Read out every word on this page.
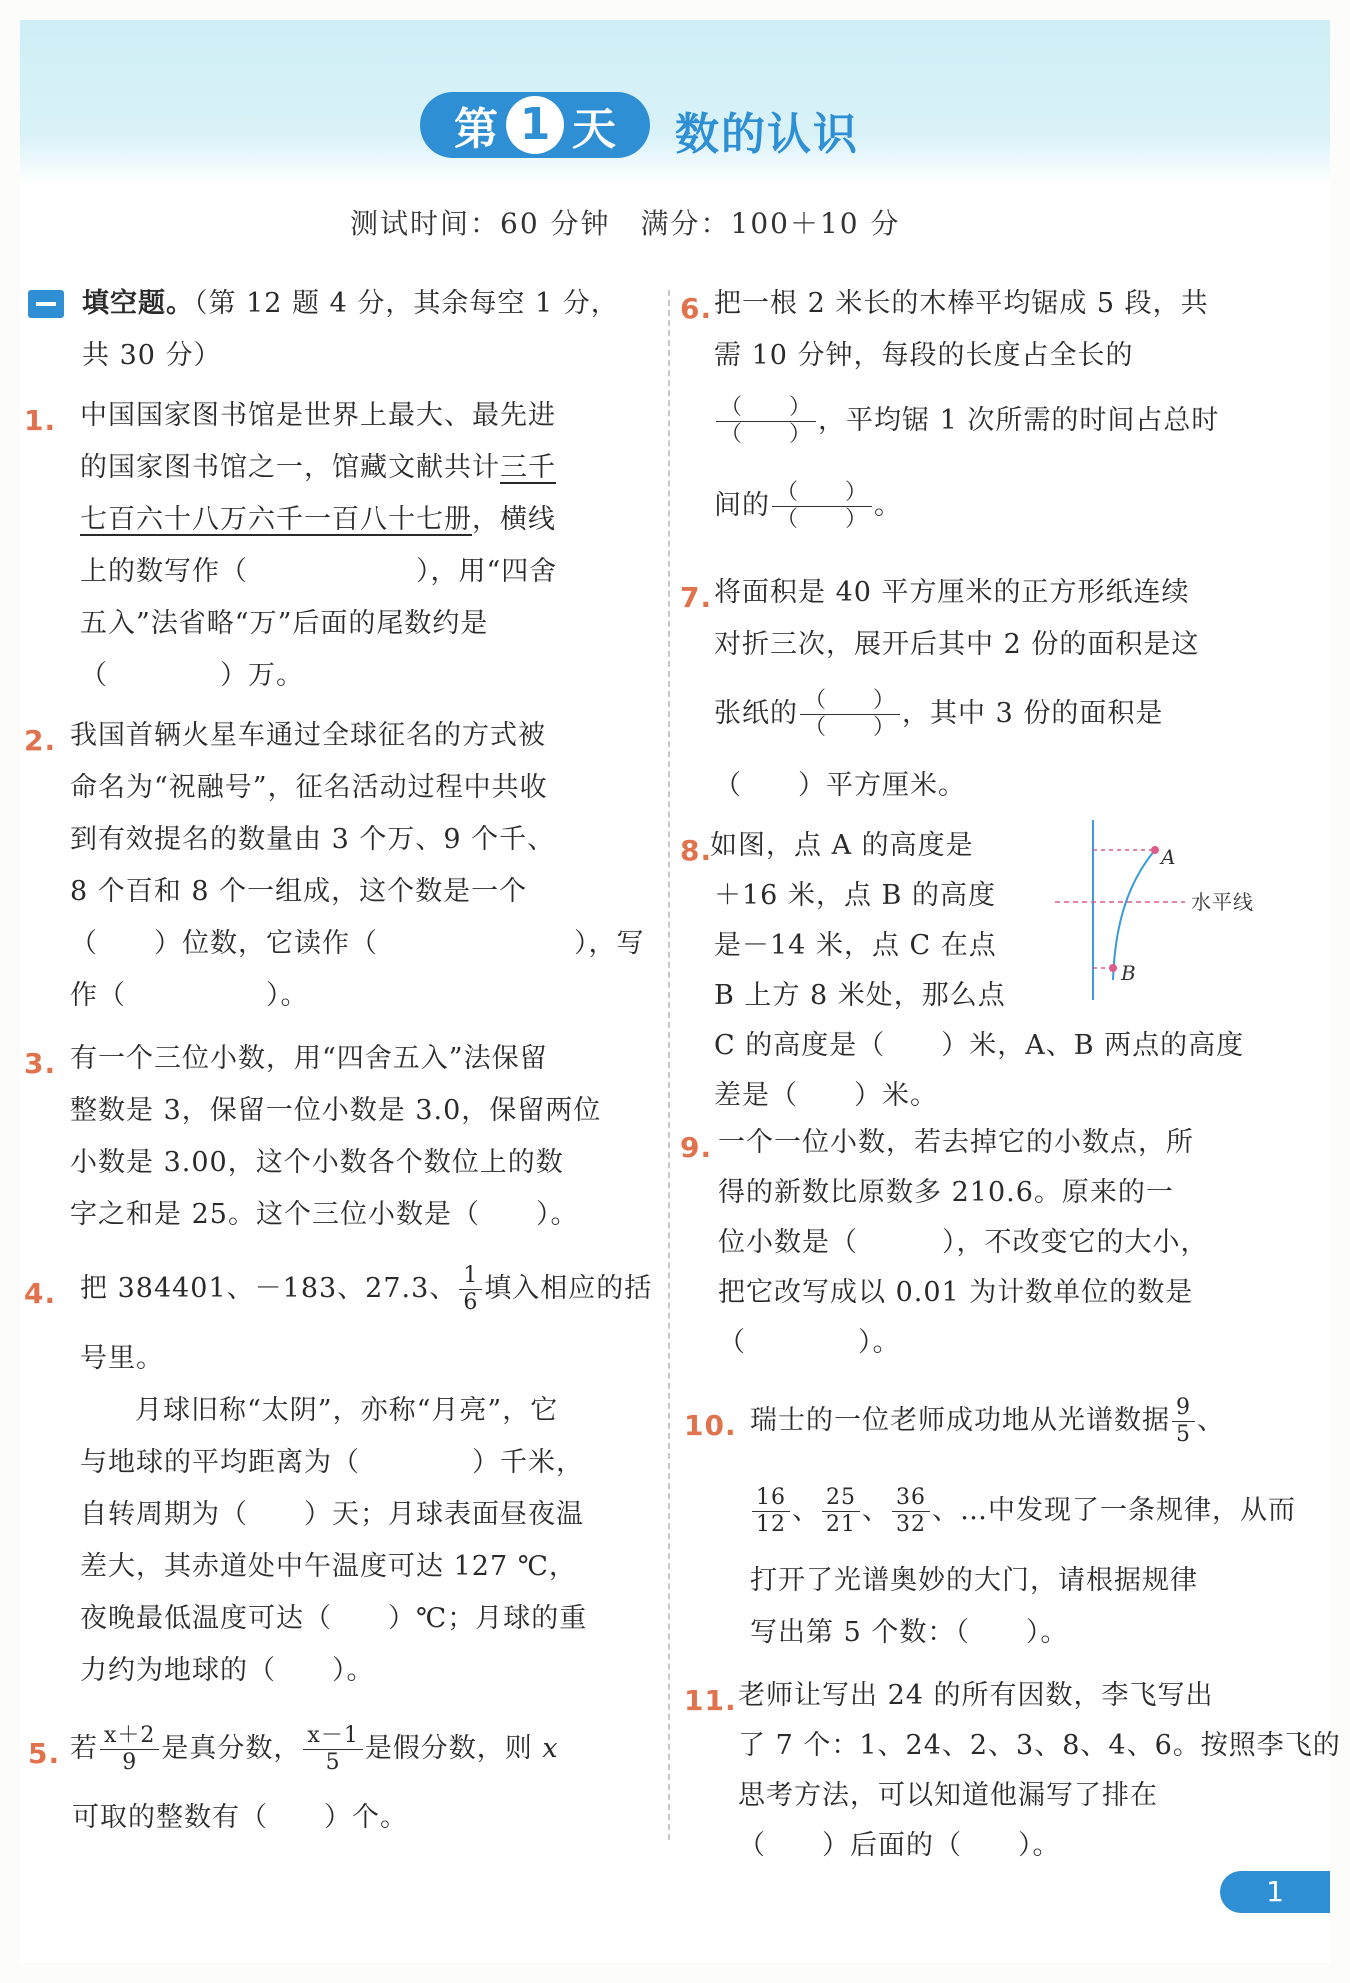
第 1 天 数的认识
测试时间：60 分钟　满分：100＋10 分
填空题。（第 12 题 4 分，其余每空 1 分，
共 30 分）
1. 中国国家图书馆是世界上最大、最先进
的国家图书馆之一，馆藏文献共计三千
七百六十八万六千一百八十七册，横线
上的数写作（　　　　　　），用“四舍
五入”法省略“万”后面的尾数约是
（　　　　）万。
2. 我国首辆火星车通过全球征名的方式被
命名为“祝融号”，征名活动过程中共收
到有效提名的数量由 3 个万、9 个千、
8 个百和 8 个一组成，这个数是一个
（　　）位数，它读作（　　　　　　　），写
作（　　　　　）。
3. 有一个三位小数，用“四舍五入”法保留
整数是 3，保留一位小数是 3.0，保留两位
小数是 3.00，这个小数各个数位上的数
字之和是 25。这个三位小数是（　　）。
4. 把 384401、－183、27.3、 $\frac{1}{6}$ 填入相应的括
号里。
月球旧称“太阴”，亦称“月亮”，它
与地球的平均距离为（　　　　）千米，
自转周期为（　　）天；月球表面昼夜温
差大，其赤道处中午温度可达 127 ℃，
夜晚最低温度可达（　　）℃；月球的重
力约为地球的（　　）。
5. 若 $\frac{x+2}{9}$ 是真分数， $\frac{x-1}{5}$ 是假分数，则 x
可取的整数有（　　）个。
6. 把一根 2 米长的木棒平均锯成 5 段，共
需 10 分钟，每段的长度占全长的
$\frac{( )}{( )}$ ，平均锯 1 次所需的时间占总时
间的 $\frac{( )}{( )}$ 。
7. 将面积是 40 平方厘米的正方形纸连续
对折三次，展开后其中 2 份的面积是这
张纸的 $\frac{( )}{( )}$ ，其中 3 份的面积是
（　　）平方厘米。
8.
如图，点 A 的高度是
＋16 米，点 B 的高度
是－14 米，点 C 在点
B 上方 8 米处，那么点
C 的高度是（　　）米，A、B 两点的高度
差是（　　）米。
A
B
水平线
9. 一个一位小数，若去掉它的小数点，所
得的新数比原数多 210.6。原来的一
位小数是（　　　），不改变它的大小，
把它改写成以 0.01 为计数单位的数是
（　　　　）。
10. 瑞士的一位老师成功地从光谱数据 $\frac{9}{5}$ 、
$\frac{16}{12}$ 、 $\frac{25}{21}$ 、 $\frac{36}{32}$ 、…中发现了一条规律，从而
打开了光谱奥妙的大门，请根据规律
写出第 5 个数：（　　）。
11. 老师让写出 24 的所有因数，李飞写出
了 7 个：1、24、2、3、8、4、6。按照李飞的
思考方法，可以知道他漏写了排在
（　　）后面的（　　）。
1
